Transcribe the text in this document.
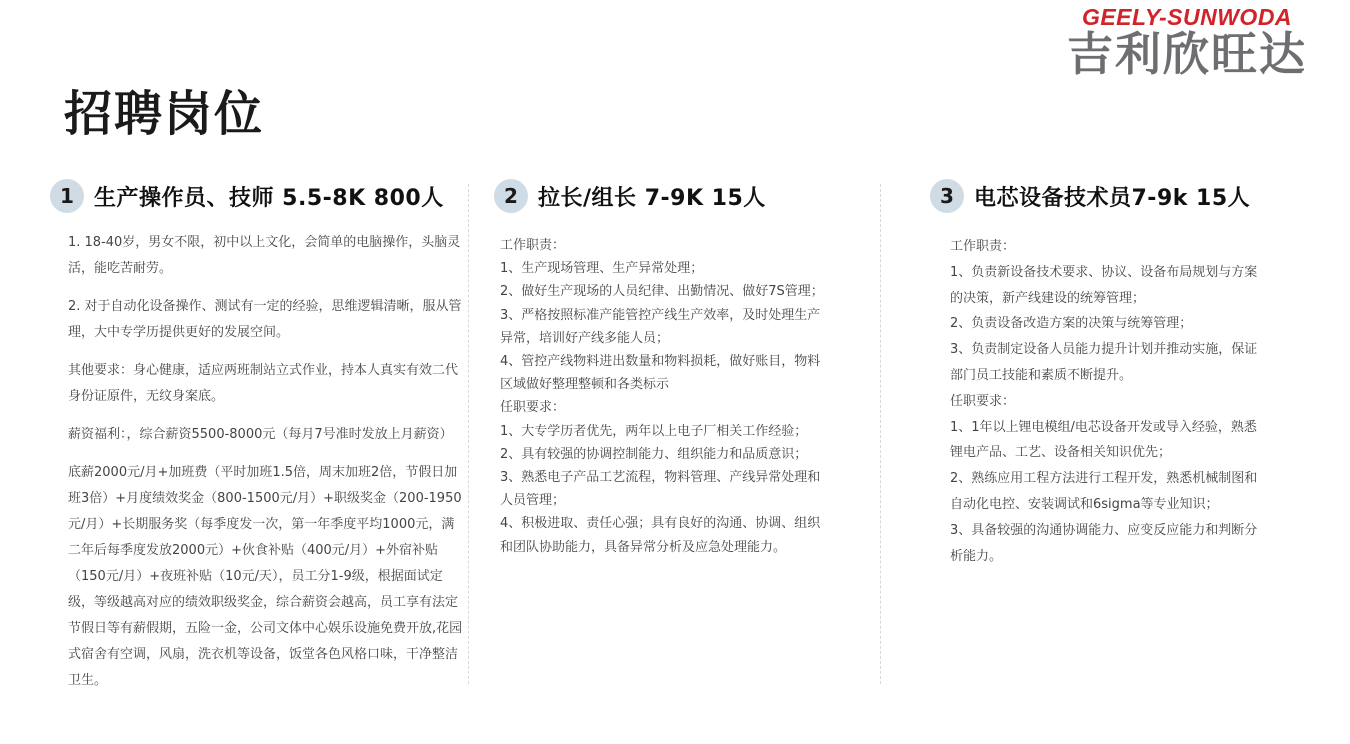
GEELY-SUNWODA
吉利欣旺达
招聘岗位
1 生产操作员、技师 5.5-8K 800人

1. 18-40岁，男女不限，初中以上文化，会简单的电脑操作，头脑灵活，能吃苦耐劳。

2. 对于自动化设备操作、测试有一定的经验，思维逻辑清晰，服从管理，大中专学历提供更好的发展空间。

其他要求：身心健康，适应两班制站立式作业，持本人真实有效二代身份证原件，无纹身案底。

薪资福利：，综合薪资5500-8000元（每月7号准时发放上月薪资）

底薪2000元/月+加班费（平时加班1.5倍，周末加班2倍，节假日加班3倍）+月度绩效奖金（800-1500元/月）+职级奖金（200-1950元/月）+长期服务奖（每季度发一次，第一年季度平均1000元，满二年后每季度发放2000元）+伙食补贴（400元/月）+外宿补贴（150元/月）+夜班补贴（10元/天），员工分1-9级，根据面试定级，等级越高对应的绩效职级奖金，综合薪资会越高，员工享有法定节假日等有薪假期，五险一金，公司文体中心娱乐设施免费开放,花园式宿舍有空调，风扇，洗衣机等设备，饭堂各色风格口味，干净整洁卫生。

2 拉长/组长 7-9K 15人
工作职责：
1、生产现场管理、生产异常处理；
2、做好生产现场的人员纪律、出勤情况、做好7S管理；
3、严格按照标准产能管控产线生产效率，及时处理生产
异常，培训好产线多能人员；
4、管控产线物料进出数量和物料损耗，做好账目，物料
区域做好整理整顿和各类标示
任职要求：
1、大专学历者优先，两年以上电子厂相关工作经验；
2、具有较强的协调控制能力、组织能力和品质意识；
3、熟悉电子产品工艺流程，物料管理、产线异常处理和
人员管理；
4、积极进取、责任心强；具有良好的沟通、协调、组织
和团队协助能力，具备异常分析及应急处理能力。
3 电芯设备技术员7-9k 15人
工作职责：
1、负责新设备技术要求、协议、设备布局规划与方案
的决策，新产线建设的统筹管理；
2、负责设备改造方案的决策与统筹管理；
3、负责制定设备人员能力提升计划并推动实施，保证
部门员工技能和素质不断提升。
任职要求：
1、1年以上锂电模组/电芯设备开发或导入经验，熟悉
锂电产品、工艺、设备相关知识优先；
2、熟练应用工程方法进行工程开发，熟悉机械制图和
自动化电控、安装调试和6sigma等专业知识；
3、具备较强的沟通协调能力、应变反应能力和判断分
析能力。
